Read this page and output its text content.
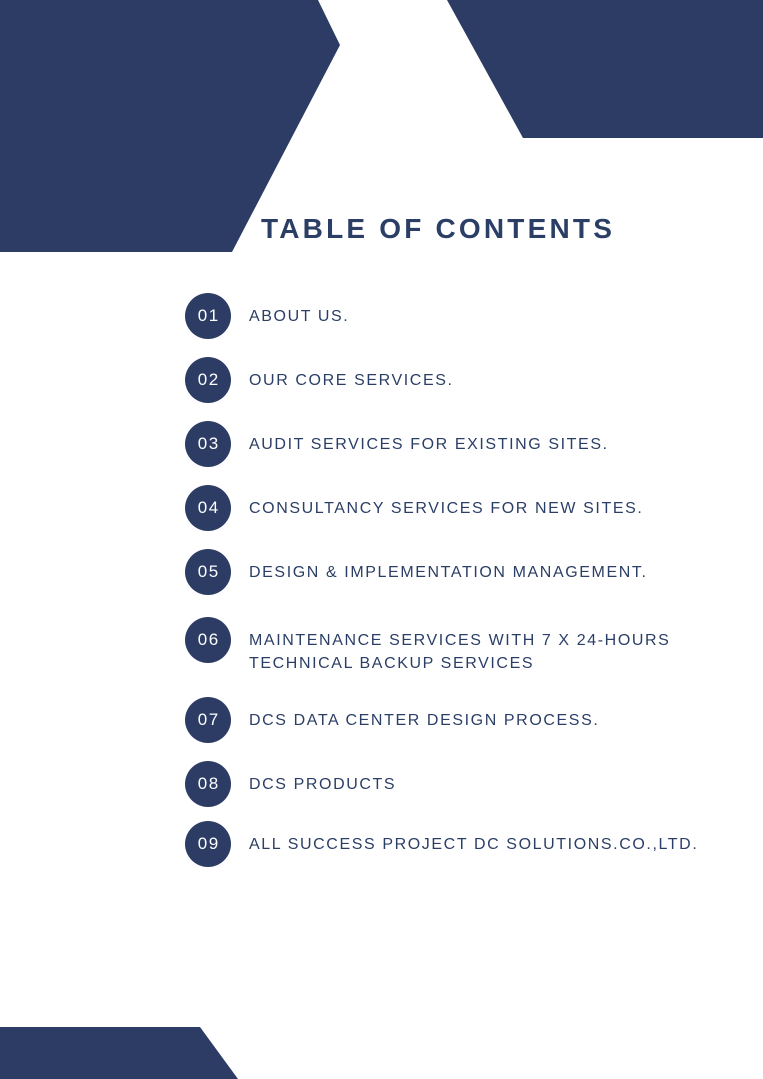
TABLE OF CONTENTS
01	ABOUT US.
02	OUR CORE SERVICES.
03	AUDIT SERVICES FOR EXISTING SITES.
04	CONSULTANCY SERVICES FOR NEW SITES.
05	DESIGN & IMPLEMENTATION MANAGEMENT.
06	MAINTENANCE SERVICES WITH 7 X 24-HOURS TECHNICAL BACKUP SERVICES
07	DCS DATA CENTER DESIGN PROCESS.
08	DCS PRODUCTS
09	ALL SUCCESS PROJECT DC SOLUTIONS.CO.,LTD.
